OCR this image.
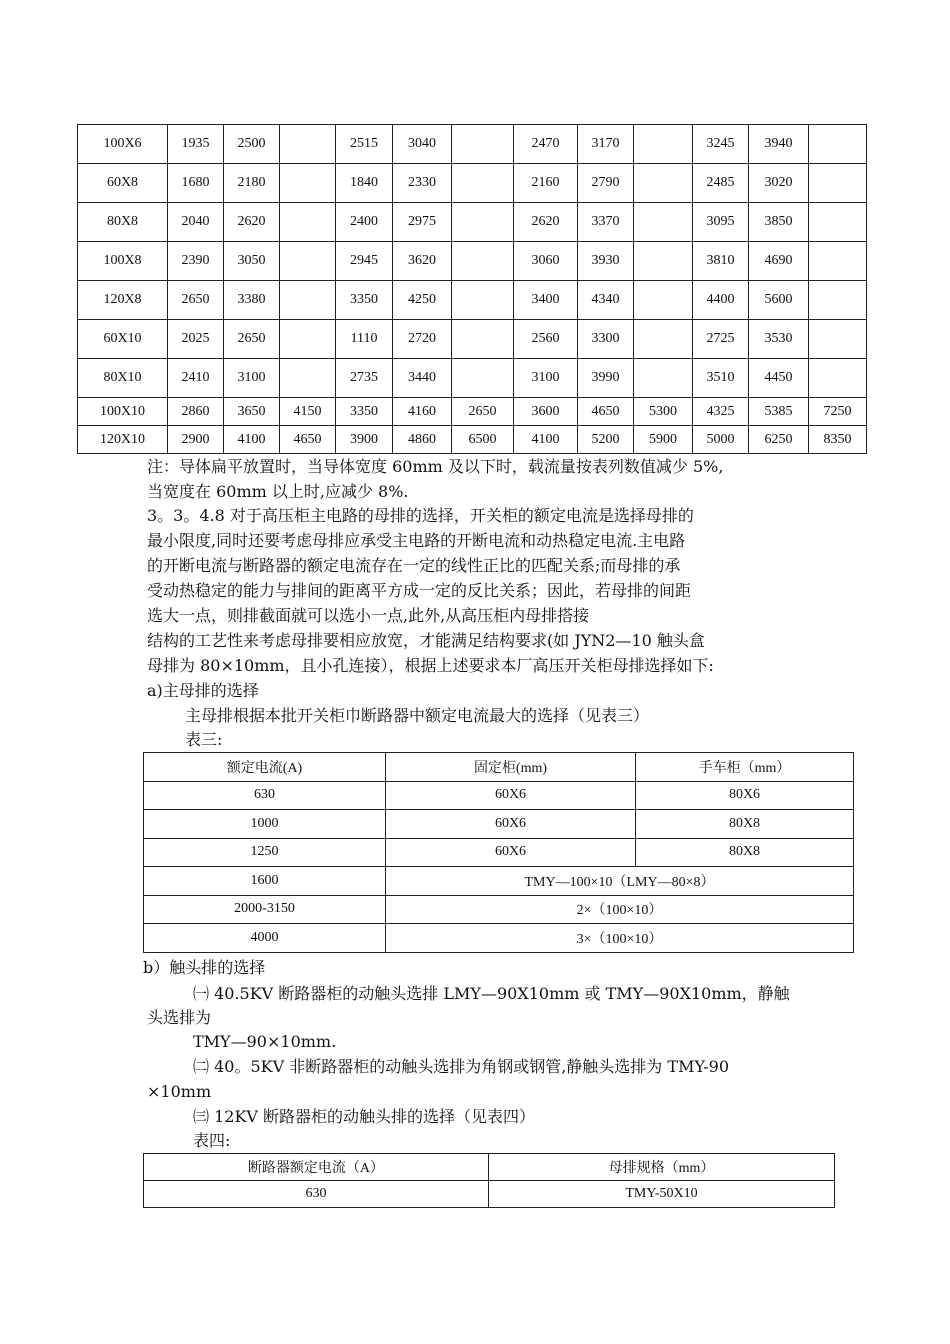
100X6	1935	2500		2515	3040		2470	3170		3245	3940	
60X8	1680	2180		1840	2330		2160	2790		2485	3020	
80X8	2040	2620		2400	2975		2620	3370		3095	3850	
100X8	2390	3050		2945	3620		3060	3930		3810	4690	
120X8	2650	3380		3350	4250		3400	4340		4400	5600	
60X10	2025	2650		1110	2720		2560	3300		2725	3530	
80X10	2410	3100		2735	3440		3100	3990		3510	4450	
100X10	2860	3650	4150	3350	4160	2650	3600	4650	5300	4325	5385	7250
120X10	2900	4100	4650	3900	4860	6500	4100	5200	5900	5000	6250	8350
注：导体扁平放置时，当导体宽度 60mm 及以下时，载流量按表列数值减少 5%,
当宽度在 60mm 以上时,应减少 8%.
3。3。4.8 对于高压柜主电路的母排的选择，开关柜的额定电流是选择母排的
最小限度,同时还要考虑母排应承受主电路的开断电流和动热稳定电流.主电路
的开断电流与断路器的额定电流存在一定的线性正比的匹配关系;而母排的承
受动热稳定的能力与排间的距离平方成一定的反比关系；因此，若母排的间距
选大一点，则排截面就可以选小一点,此外,从高压柜内母排搭接
结构的工艺性来考虑母排要相应放宽，才能满足结构要求(如 JYN2—10 触头盒
母排为 80×10mm，且小孔连接），根据上述要求本厂高压开关柜母排选择如下:
a)主母排的选择
主母排根据本批开关柜巾断路器中额定电流最大的选择（见表三）
表三:
额定电流(A)	固定柜(mm)	手车柜（mm）
630	60X6	80X6
1000	60X6	80X8
1250	60X6	80X8
1600	TMY—100×10（LMY—80×8）	
2000-3150	2×（100×10）	
4000	3×（100×10）	
b）触头排的选择
㈠ 40.5KV 断路器柜的动触头选排 LMY—90X10mm 或 TMY—90X10mm，静触
头选排为
TMY—90×10mm.
㈡ 40。5KV 非断路器柜的动触头选排为角钢或钢管,静触头选排为 TMY-90
×10mm
㈢ 12KV 断路器柜的动触头排的选择（见表四）
表四:
断路器额定电流（A）	母排规格（mm）
630	TMY-50X10
